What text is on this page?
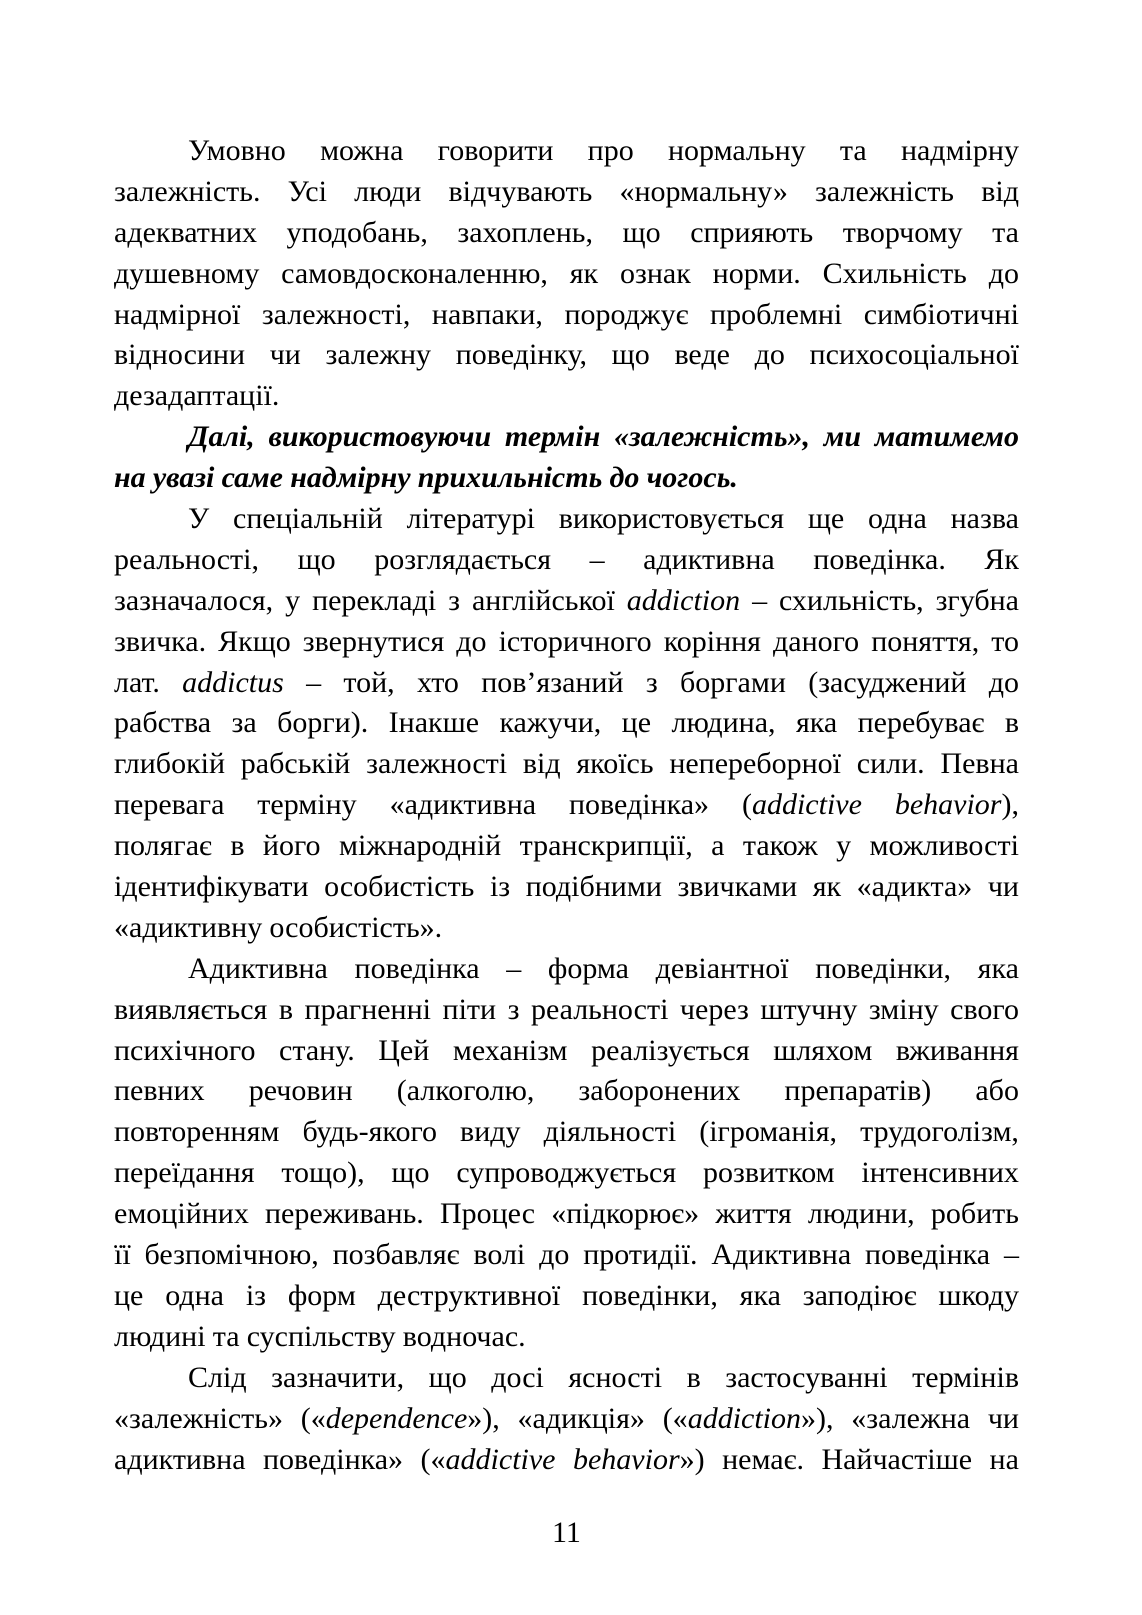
Умовно можна говорити про нормальну та надмірну
залежність. Усі люди відчувають «нормальну» залежність від
адекватних уподобань, захоплень, що сприяють творчому та
душевному самовдосконаленню, як ознак норми. Схильність до
надмірної залежності, навпаки, породжує проблемні симбіотичні
відносини чи залежну поведінку, що веде до психосоціальної
дезадаптації.
Далі, використовуючи термін «залежність», ми матимемо
на увазі саме надмірну прихильність до чогось.
У спеціальній літературі використовується ще одна назва
реальності, що розглядається – адиктивна поведінка. Як
зазначалося, у перекладі з англійської addiction – схильність, згубна
звичка. Якщо звернутися до історичного коріння даного поняття, то
лат. addictus – той, хто пов’язаний з боргами (засуджений до
рабства за борги). Інакше кажучи, це людина, яка перебуває в
глибокій рабській залежності від якоїсь непереборної сили. Певна
перевага терміну «адиктивна поведінка» (addictive behavior),
полягає в його міжнародній транскрипції, а також у можливості
ідентифікувати особистість із подібними звичками як «адикта» чи
«адиктивну особистість».
Адиктивна поведінка – форма девіантної поведінки, яка
виявляється в прагненні піти з реальності через штучну зміну свого
психічного стану. Цей механізм реалізується шляхом вживання
певних речовин (алкоголю, заборонених препаратів) або
повторенням будь-якого виду діяльності (ігроманія, трудоголізм,
переїдання тощо), що супроводжується розвитком інтенсивних
емоційних переживань. Процес «підкорює» життя людини, робить
її безпомічною, позбавляє волі до протидії. Адиктивна поведінка –
це одна із форм деструктивної поведінки, яка заподіює шкоду
людині та суспільству водночас.
Слід зазначити, що досі ясності в застосуванні термінів
«залежність» («dependence»), «адикція» («addiction»), «залежна чи
адиктивна поведінка» («addictive behavior») немає. Найчастіше на
11
